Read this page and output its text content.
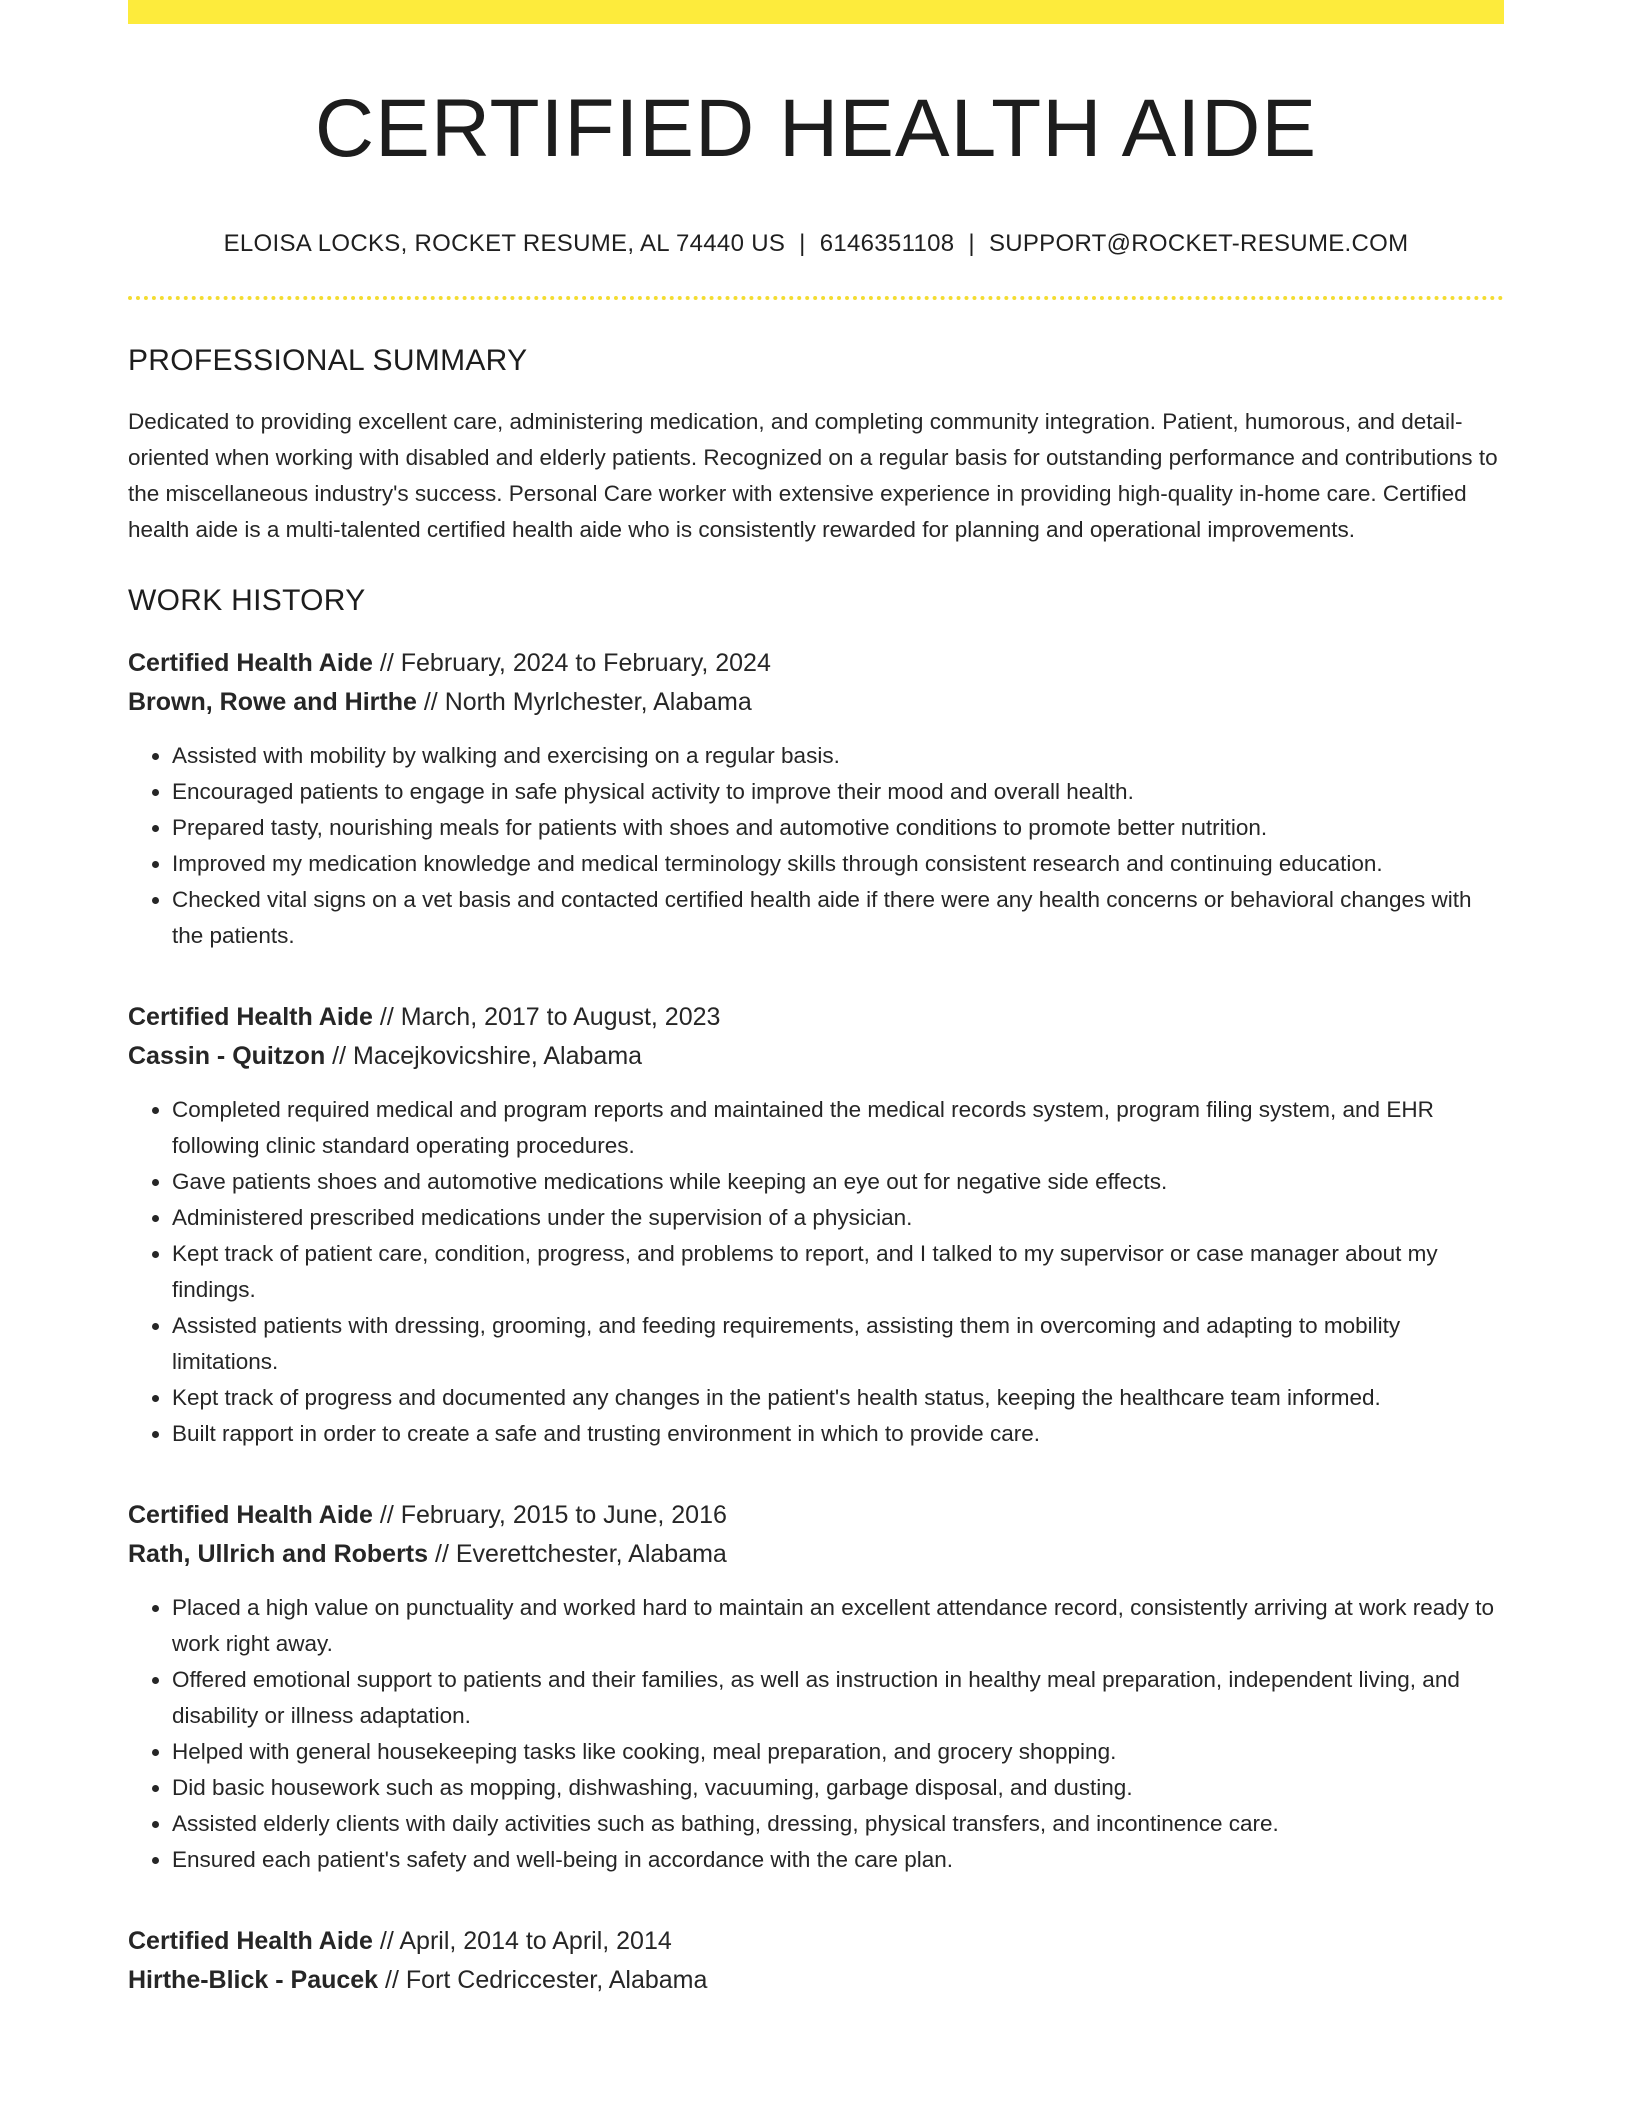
CERTIFIED HEALTH AIDE
ELOISA LOCKS, ROCKET RESUME, AL 74440 US | 6146351108 | SUPPORT@ROCKET-RESUME.COM
PROFESSIONAL SUMMARY

Dedicated to providing excellent care, administering medication, and completing community integration. Patient, humorous, and detail-oriented when working with disabled and elderly patients. Recognized on a regular basis for outstanding performance and contributions to the miscellaneous industry's success. Personal Care worker with extensive experience in providing high-quality in-home care. Certified health aide is a multi-talented certified health aide who is consistently rewarded for planning and operational improvements.

WORK HISTORY
Certified Health Aide // February, 2024 to February, 2024
Brown, Rowe and Hirthe // North Myrlchester, Alabama
• Assisted with mobility by walking and exercising on a regular basis.
• Encouraged patients to engage in safe physical activity to improve their mood and overall health.
• Prepared tasty, nourishing meals for patients with shoes and automotive conditions to promote better nutrition.
• Improved my medication knowledge and medical terminology skills through consistent research and continuing education.
• Checked vital signs on a vet basis and contacted certified health aide if there were any health concerns or behavioral changes with the patients.
Certified Health Aide // March, 2017 to August, 2023
Cassin - Quitzon // Macejkovicshire, Alabama
• Completed required medical and program reports and maintained the medical records system, program filing system, and EHR following clinic standard operating procedures.
• Gave patients shoes and automotive medications while keeping an eye out for negative side effects.
• Administered prescribed medications under the supervision of a physician.
• Kept track of patient care, condition, progress, and problems to report, and I talked to my supervisor or case manager about my findings.
• Assisted patients with dressing, grooming, and feeding requirements, assisting them in overcoming and adapting to mobility limitations.
• Kept track of progress and documented any changes in the patient's health status, keeping the healthcare team informed.
• Built rapport in order to create a safe and trusting environment in which to provide care.
Certified Health Aide // February, 2015 to June, 2016
Rath, Ullrich and Roberts // Everettchester, Alabama
• Placed a high value on punctuality and worked hard to maintain an excellent attendance record, consistently arriving at work ready to work right away.
• Offered emotional support to patients and their families, as well as instruction in healthy meal preparation, independent living, and disability or illness adaptation.
• Helped with general housekeeping tasks like cooking, meal preparation, and grocery shopping.
• Did basic housework such as mopping, dishwashing, vacuuming, garbage disposal, and dusting.
• Assisted elderly clients with daily activities such as bathing, dressing, physical transfers, and incontinence care.
• Ensured each patient's safety and well-being in accordance with the care plan.
Certified Health Aide // April, 2014 to April, 2014
Hirthe-Blick - Paucek // Fort Cedriccester, Alabama
